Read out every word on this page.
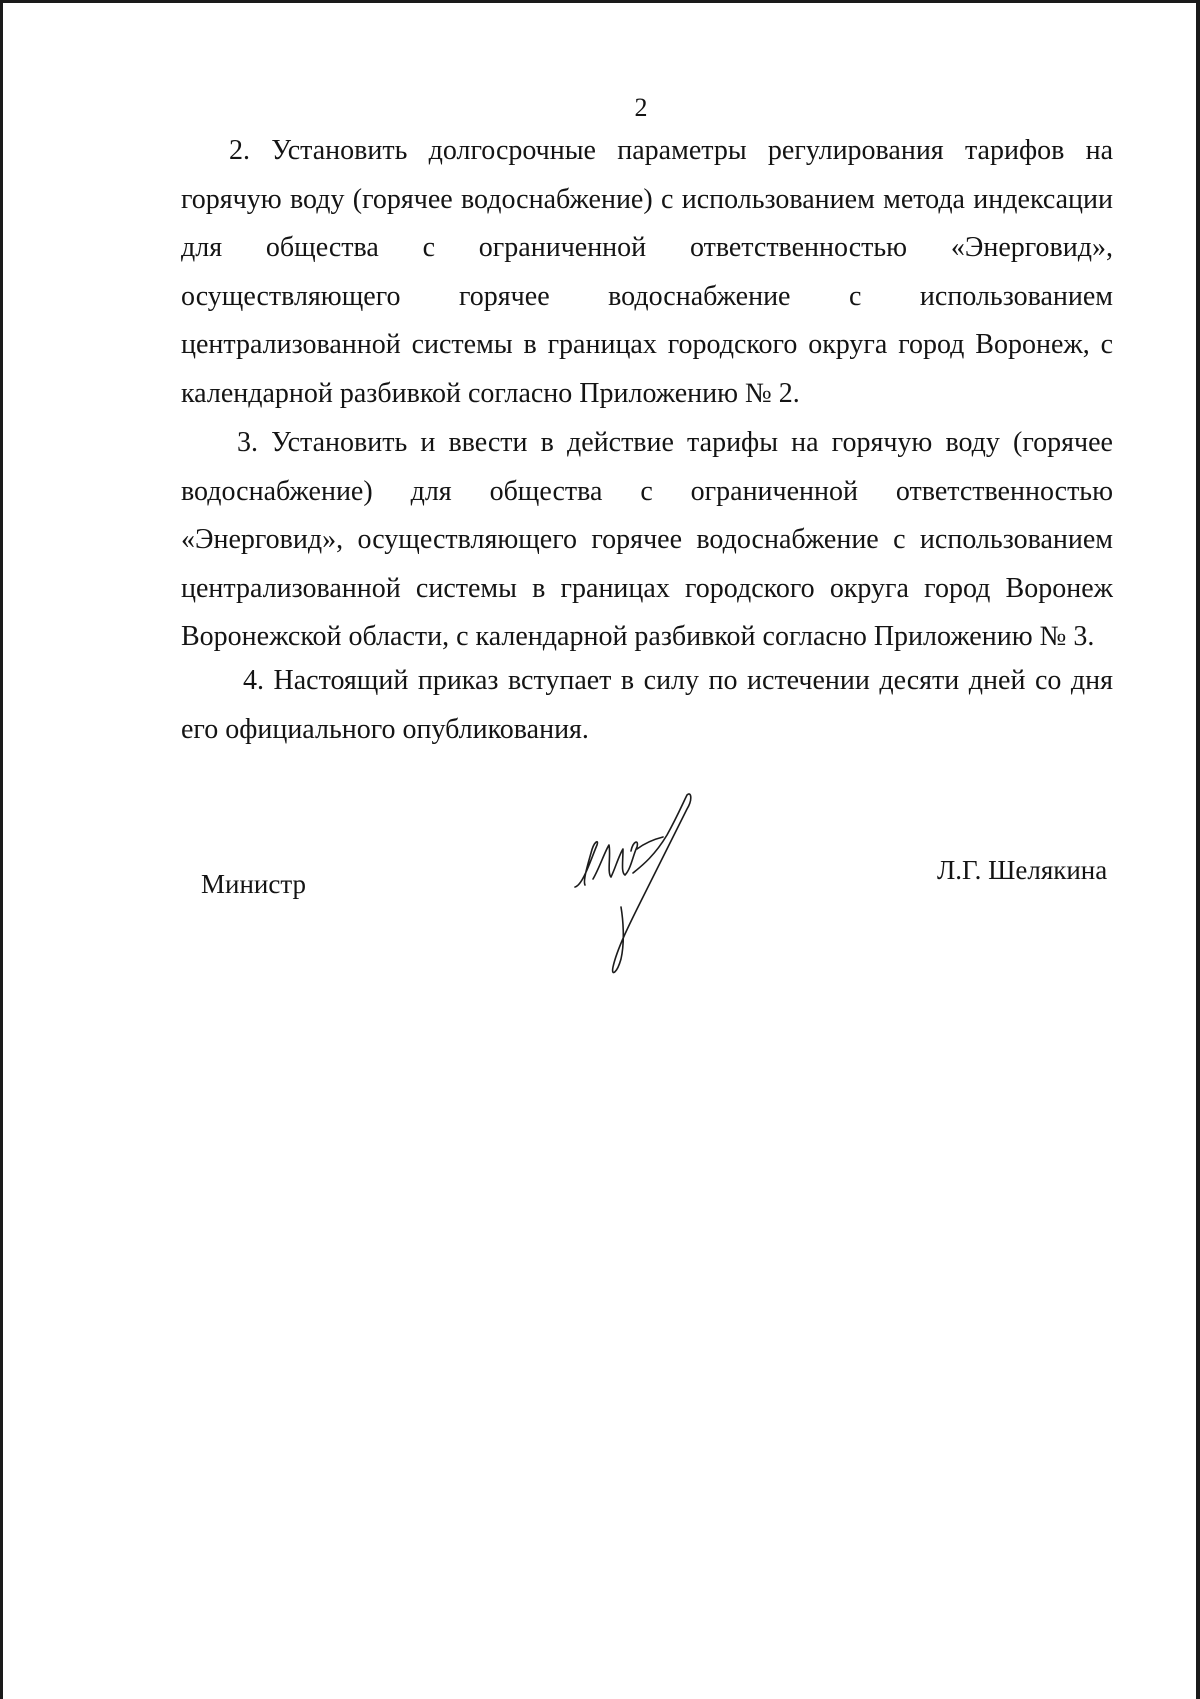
2

2. Установить долгосрочные параметры регулирования тарифов на горячую воду (горячее водоснабжение) с использованием метода индексации для общества с ограниченной ответственностью «Энерговид», осуществляющего горячее водоснабжение с использованием централизованной системы в границах городского округа город Воронеж, с календарной разбивкой согласно Приложению № 2.

3. Установить и ввести в действие тарифы на горячую воду (горячее водоснабжение) для общества с ограниченной ответственностью «Энерговид», осуществляющего горячее водоснабжение с использованием централизованной системы в границах городского округа город Воронеж Воронежской области, с календарной разбивкой согласно Приложению № 3.

4. Настоящий приказ вступает в силу по истечении десяти дней со дня его официального опубликования.

Министр	Л.Г. Шелякина
